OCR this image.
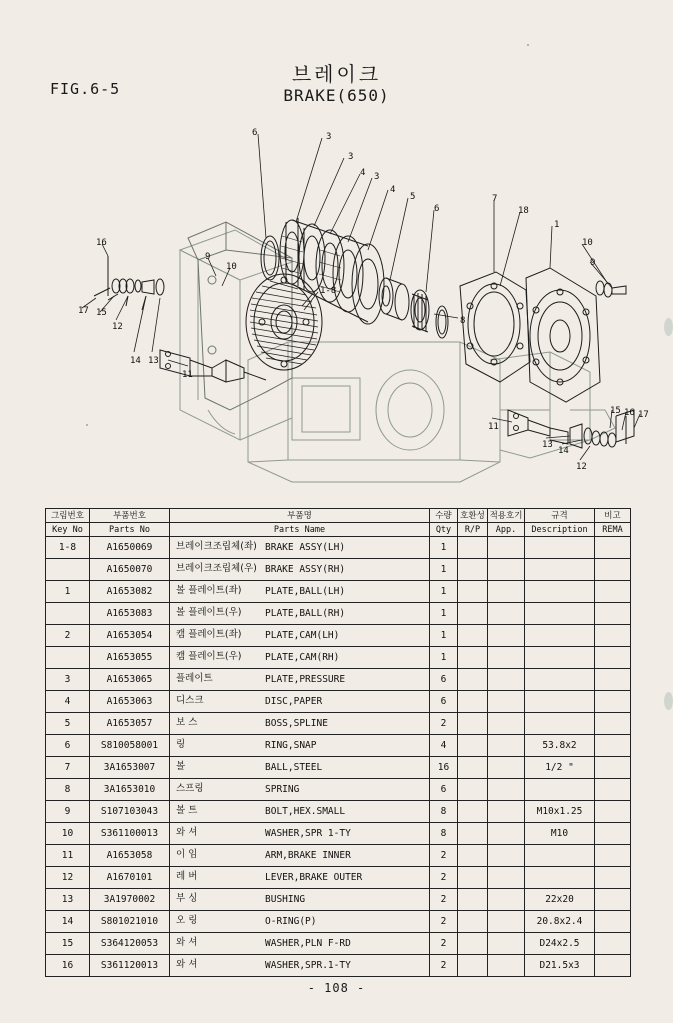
FIG.6-5
브레이크
BRAKE(650)
6	3
3
4 3
4
5
6
7
18
1
10
9
16
9
10
17 15
12
14 13
11
1-8
8
11
15 16 17
13
14
12
그림번호	부품번호	부품명	수량	호환성	적용호기	규격	비고
Key No	Parts No	Parts Name	Qty	R/P	App.	Description	REMA
1-8	A1650069	브레이크조립체(좌) BRAKE ASSY(LH)	1				
	A1650070	브레이크조립체(우) BRAKE ASSY(RH)	1				
1	A1653082	볼 플레이트(좌) PLATE,BALL(LH)	1				
	A1653083	볼 플레이트(우) PLATE,BALL(RH)	1				
2	A1653054	캠 플레이트(좌) PLATE,CAM(LH)	1				
	A1653055	캠 플레이트(우) PLATE,CAM(RH)	1				
3	A1653065	플레이트 PLATE,PRESSURE	6				
4	A1653063	디스크 DISC,PAPER	6				
5	A1653057	보 스 BOSS,SPLINE	2				
6	S810058001	링 RING,SNAP	4			53.8x2	
7	3A1653007	볼 BALL,STEEL	16			1/2 "	
8	3A1653010	스프링 SPRING	6				
9	S107103043	볼 트 BOLT,HEX.SMALL	8			M10x1.25	
10	S361100013	와 셔 WASHER,SPR 1-TY	8			M10	
11	A1653058	이 임 ARM,BRAKE INNER	2				
12	A1670101	레 버 LEVER,BRAKE OUTER	2				
13	3A1970002	부 싱 BUSHING	2			22x20	
14	S801021010	오 링 O-RING(P)	2			20.8x2.4	
15	S364120053	와 셔 WASHER,PLN F-RD	2			D24x2.5	
16	S361120013	와 셔 WASHER,SPR.1-TY	2			D21.5x3	
- 108 -
